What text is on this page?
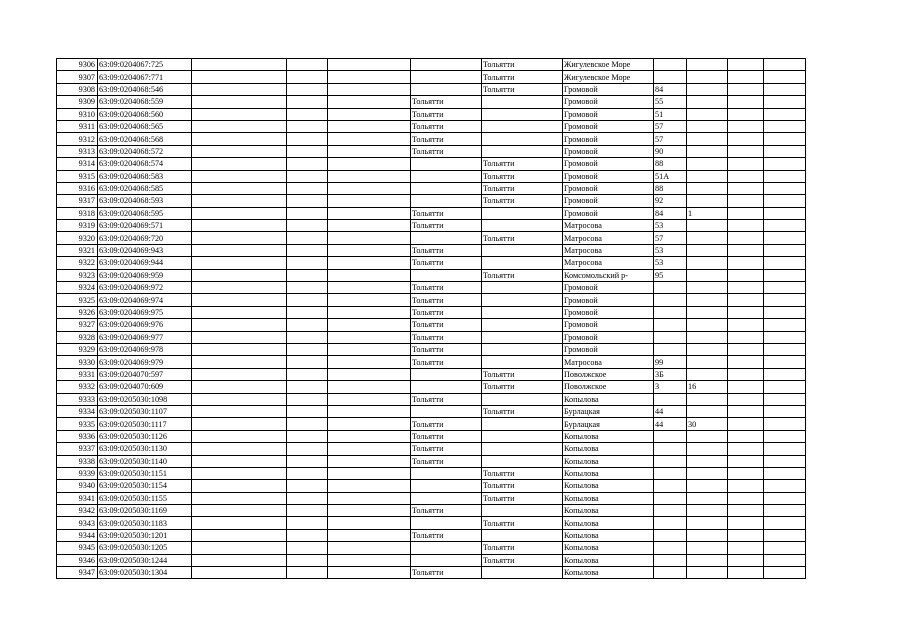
9306	63:09:0204067:725					Тольятти	Жигулевское Море				
9307	63:09:0204067:771					Тольятти	Жигулевское Море				
9308	63:09:0204068:546					Тольятти	Громовой	84			
9309	63:09:0204068:559				Тольятти		Громовой	55			
9310	63:09:0204068:560				Тольятти		Громовой	51			
9311	63:09:0204068:565				Тольятти		Громовой	57			
9312	63:09:0204068:568				Тольятти		Громовой	57			
9313	63:09:0204068:572				Тольятти		Громовой	90			
9314	63:09:0204068:574					Тольятти	Громовой	88			
9315	63:09:0204068:583					Тольятти	Громовой	51А			
9316	63:09:0204068:585					Тольятти	Громовой	88			
9317	63:09:0204068:593					Тольятти	Громовой	92			
9318	63:09:0204068:595				Тольятти		Громовой	84	1		
9319	63:09:0204069:571				Тольятти		Матросова	53			
9320	63:09:0204069:720					Тольятти	Матросова	57			
9321	63:09:0204069:943				Тольятти		Матросова	53			
9322	63:09:0204069:944				Тольятти		Матросова	53			
9323	63:09:0204069:959					Тольятти	Комсомольский р-	95			
9324	63:09:0204069:972				Тольятти		Громовой				
9325	63:09:0204069:974				Тольятти		Громовой				
9326	63:09:0204069:975				Тольятти		Громовой				
9327	63:09:0204069:976				Тольятти		Громовой				
9328	63:09:0204069:977				Тольятти		Громовой				
9329	63:09:0204069:978				Тольятти		Громовой				
9330	63:09:0204069:979				Тольятти		Матросова	99			
9331	63:09:0204070:597					Тольятти	Поволжское	3Б			
9332	63:09:0204070:609					Тольятти	Поволжское	3	16		
9333	63:09:0205030:1098				Тольятти		Копылова				
9334	63:09:0205030:1107					Тольятти	Бурлацкая	44			
9335	63:09:0205030:1117				Тольятти		Бурлацкая	44	30		
9336	63:09:0205030:1126				Тольятти		Копылова				
9337	63:09:0205030:1130				Тольятти		Копылова				
9338	63:09:0205030:1140				Тольятти		Копылова				
9339	63:09:0205030:1151					Тольятти	Копылова				
9340	63:09:0205030:1154					Тольятти	Копылова				
9341	63:09:0205030:1155					Тольятти	Копылова				
9342	63:09:0205030:1169				Тольятти		Копылова				
9343	63:09:0205030:1183					Тольятти	Копылова				
9344	63:09:0205030:1201				Тольятти		Копылова				
9345	63:09:0205030:1205					Тольятти	Копылова				
9346	63:09:0205030:1244					Тольятти	Копылова				
9347	63:09:0205030:1304				Тольятти		Копылова				
